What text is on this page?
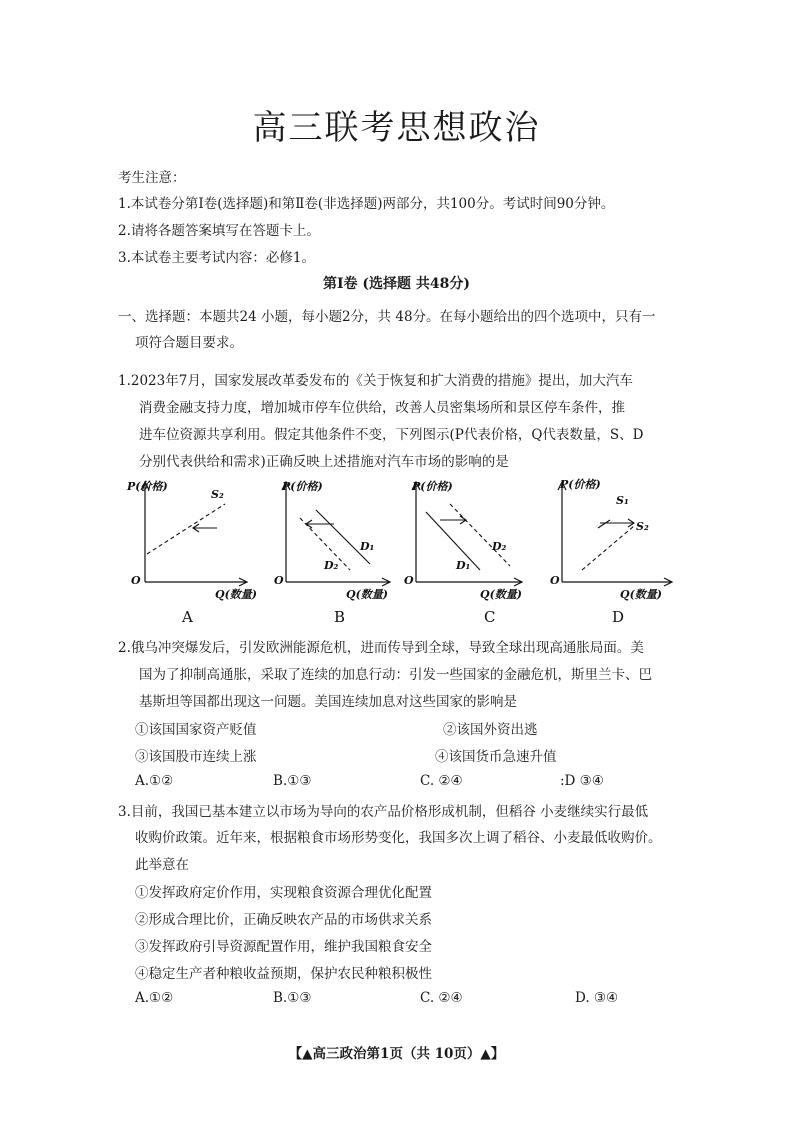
高三联考思想政治
考生注意：
1.本试卷分第Ⅰ卷(选择题)和第Ⅱ卷(非选择题)两部分，共100分。考试时间90分钟。
2.请将各题答案填写在答题卡上。
3.本试卷主要考试内容：必修1。
第Ⅰ卷 (选择题 共48分)
一、选择题：本题共24 小题，每小题2分，共 48分。在每小题给出的四个选项中，只有一
项符合题目要求。
1.2023年7月，国家发展改革委发布的《关于恢复和扩大消费的措施》提出，加大汽车
消费金融支持力度，增加城市停车位供给，改善人员密集场所和景区停车条件，推
进车位资源共享利用。假定其他条件不变，下列图示(P代表价格，Q代表数量，S、D
分别代表供给和需求)正确反映上述措施对汽车市场的影响的是
P(价格)
Q(数量)
O
S₂
A
P(价格)
Q(数量)
O
D₁
D₂
B
P(价格)
Q(数量)
O
D₂
D₁
C
P(价格)
Q(数量)
O
S₁
S₂
D
2.俄乌冲突爆发后，引发欧洲能源危机，进而传导到全球，导致全球出现高通胀局面。美
国为了抑制高通胀，采取了连续的加息行动：引发一些国家的金融危机，斯里兰卡、巴
基斯坦等国都出现这一问题。美国连续加息对这些国家的影响是
①该国国家资产贬值	②该国外资出逃
③该国股市连续上涨	④该国货币急速升值
A.①②	B.①③	C. ②④	:D ③④
3.目前，我国已基本建立以市场为导向的农产品价格形成机制，但稻谷 小麦继续实行最低
收购价政策。近年来，根据粮食市场形势变化，我国多次上调了稻谷、小麦最低收购价。
此举意在
①发挥政府定价作用，实现粮食资源合理优化配置
②形成合理比价，正确反映农产品的市场供求关系
③发挥政府引导资源配置作用，维护我国粮食安全
④稳定生产者种粮收益预期，保护农民种粮积极性
A.①②	B.①③	C. ②④	D. ③④
【▲高三政治第1页（共 10页）▲】
